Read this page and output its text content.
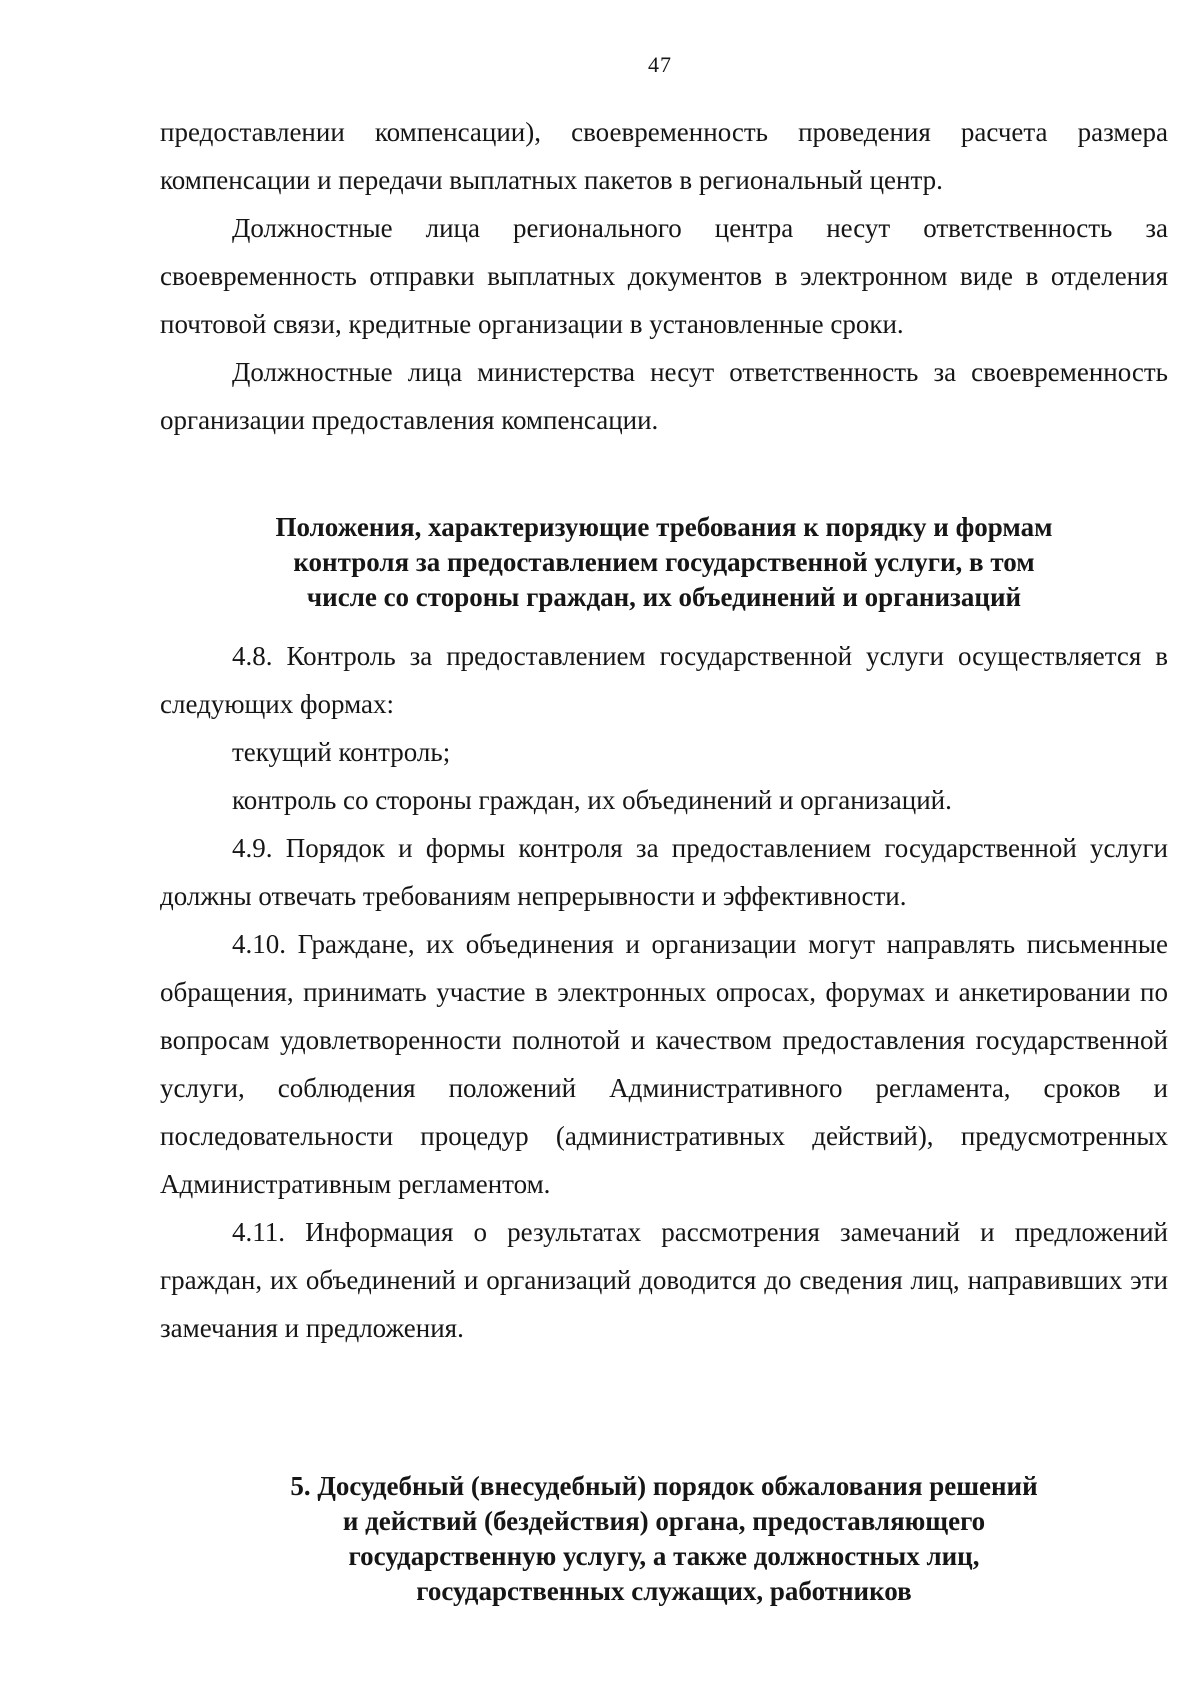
47

предоставлении компенсации), своевременность проведения расчета размера компенсации и передачи выплатных пакетов в региональный центр.

Должностные лица регионального центра несут ответственность за своевременность отправки выплатных документов в электронном виде в отделения почтовой связи, кредитные организации в установленные сроки.

Должностные лица министерства несут ответственность за своевременность организации предоставления компенсации.

Положения, характеризующие требования к порядку и формам
контроля за предоставлением государственной услуги, в том
числе со стороны граждан, их объединений и организаций

4.8. Контроль за предоставлением государственной услуги осуществляется в следующих формах:

текущий контроль;

контроль со стороны граждан, их объединений и организаций.

4.9. Порядок и формы контроля за предоставлением государственной услуги должны отвечать требованиям непрерывности и эффективности.

4.10. Граждане, их объединения и организации могут направлять письменные обращения, принимать участие в электронных опросах, форумах и анкетировании по вопросам удовлетворенности полнотой и качеством предоставления государственной услуги, соблюдения положений Административного регламента, сроков и последовательности процедур (административных действий), предусмотренных Административным регламентом.

4.11. Информация о результатах рассмотрения замечаний и предложений граждан, их объединений и организаций доводится до сведения лиц, направивших эти замечания и предложения.

5. Досудебный (внесудебный) порядок обжалования решений
и действий (бездействия) органа, предоставляющего
государственную услугу, а также должностных лиц,
государственных служащих, работников
